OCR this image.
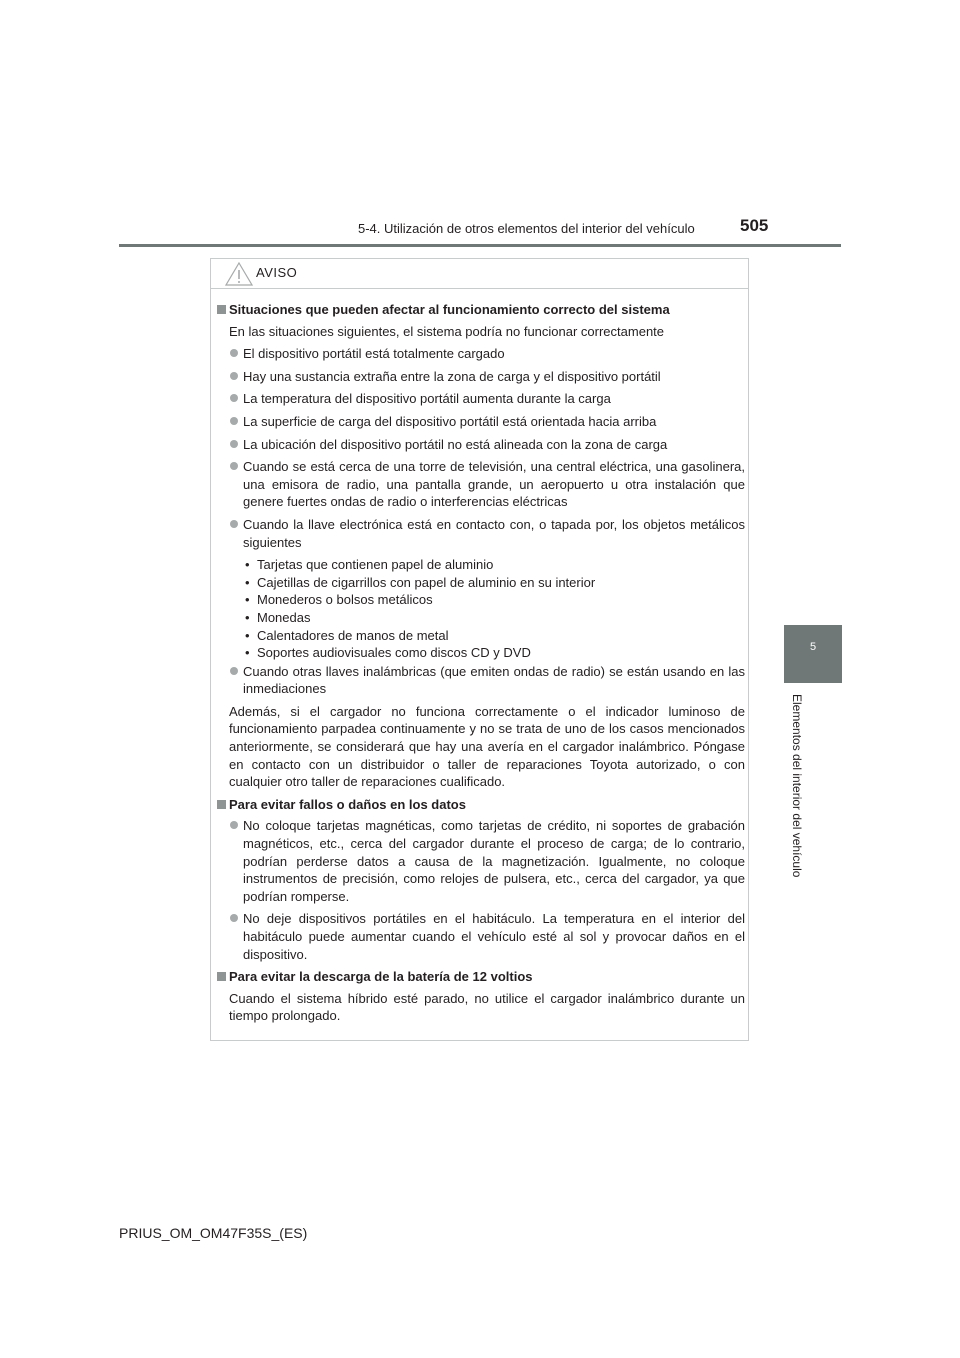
5-4. Utilización de otros elementos del interior del vehículo	505
5
Elementos del interior del vehículo
AVISO
Situaciones que pueden afectar al funcionamiento correcto del sistema
En las situaciones siguientes, el sistema podría no funcionar correctamente
El dispositivo portátil está totalmente cargado
Hay una sustancia extraña entre la zona de carga y el dispositivo portátil
La temperatura del dispositivo portátil aumenta durante la carga
La superficie de carga del dispositivo portátil está orientada hacia arriba
La ubicación del dispositivo portátil no está alineada con la zona de carga
Cuando se está cerca de una torre de televisión, una central eléctrica, una gasolinera, una emisora de radio, una pantalla grande, un aeropuerto u otra instalación que genere fuertes ondas de radio o interferencias eléctricas
Cuando la llave electrónica está en contacto con, o tapada por, los objetos metálicos siguientes
• Tarjetas que contienen papel de aluminio
• Cajetillas de cigarrillos con papel de aluminio en su interior
• Monederos o bolsos metálicos
• Monedas
• Calentadores de manos de metal
• Soportes audiovisuales como discos CD y DVD
Cuando otras llaves inalámbricas (que emiten ondas de radio) se están usando en las inmediaciones
Además, si el cargador no funciona correctamente o el indicador luminoso de funcionamiento parpadea continuamente y no se trata de uno de los casos mencionados anteriormente, se considerará que hay una avería en el cargador inalámbrico. Póngase en contacto con un distribuidor o taller de reparaciones Toyota autorizado, o con cualquier otro taller de reparaciones cualificado.
Para evitar fallos o daños en los datos
No coloque tarjetas magnéticas, como tarjetas de crédito, ni soportes de grabación magnéticos, etc., cerca del cargador durante el proceso de carga; de lo contrario, podrían perderse datos a causa de la magnetización. Igualmente, no coloque instrumentos de precisión, como relojes de pulsera, etc., cerca del cargador, ya que podrían romperse.
No deje dispositivos portátiles en el habitáculo. La temperatura en el interior del habitáculo puede aumentar cuando el vehículo esté al sol y provocar daños en el dispositivo.
Para evitar la descarga de la batería de 12 voltios
Cuando el sistema híbrido esté parado, no utilice el cargador inalámbrico durante un tiempo prolongado.
PRIUS_OM_OM47F35S_(ES)
